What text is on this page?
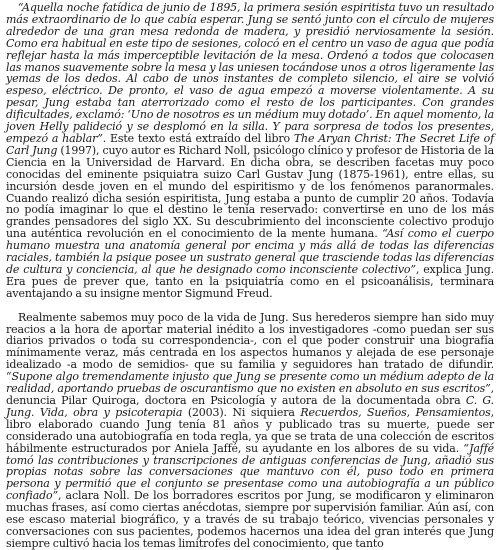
“Aquella noche fatídica de junio de 1895, la primera sesión espiritista tuvo un resultado más extraordinario de lo que cabía esperar. Jung se sentó junto con el círculo de mujeres alrededor de una gran mesa redonda de madera, y presidió nerviosamente la sesión. Como era habitual en este tipo de sesiones, colocó en el centro un vaso de agua que podía reflejar hasta la más imperceptible levitación de la mesa. Ordenó a todos que colocasen las manos suavemente sobre la mesa y las uniesen tocándose unos a otros ligeramente las yemas de los dedos. Al cabo de unos instantes de completo silencio, el aire se volvió espeso, eléctrico. De pronto, el vaso de agua empezó a moverse violentamente. A su pesar, Jung estaba tan aterrorizado como el resto de los participantes. Con grandes dificultades, exclamó: ‘Uno de nosotros es un médium muy dotado’. En aquel momento, la joven Helly palideció y se desplomó en la silla. Y para sorpresa de todos los presentes, empezó a hablar”. Este texto está extraído del libro The Aryan Christ: The Secret Life of Carl Jung (1997), cuyo autor es Richard Noll, psicólogo clínico y profesor de Historia de la Ciencia en la Universidad de Harvard. En dicha obra, se describen facetas muy poco conocidas del eminente psiquiatra suizo Carl Gustav Jung (1875-1961), entre ellas, su incursión desde joven en el mundo del espiritismo y de los fenómenos paranormales. Cuando realizó dicha sesión espiritista, Jung estaba a punto de cumplir 20 años. Todavía no podía imaginar lo que el destino le tenía reservado: convertirse en uno de los más grandes pensadores del siglo XX. Su descubrimiento del inconsciente colectivo produjo una auténtica revolución en el conocimiento de la mente humana. “Así como el cuerpo humano muestra una anatomía general por encima y más allá de todas las diferencias raciales, también la psique posee un sustrato general que trasciende todas las diferencias de cultura y conciencia, al que he designado como inconsciente colectivo”, explica Jung. Era pues de prever que, tanto en la psiquiatría como en el psicoanálisis, terminara aventajando a su insigne mentor Sigmund Freud.

Realmente sabemos muy poco de la vida de Jung. Sus herederos siempre han sido muy reacios a la hora de aportar material inédito a los investigadores -como puedan ser sus diarios privados o toda su correspondencia-, con el que poder construir una biografía mínimamente veraz, más centrada en los aspectos humanos y alejada de ese personaje idealizado -a modo de semidios- que su familia y seguidores han tratado de difundir. “Supone algo tremendamente injusto que Jung se presente como un médium adepto de la realidad, aportando pruebas de oscurantismo que no existen en absoluto en sus escritos”, denuncia Pilar Quiroga, doctora en Psicología y autora de la documentada obra C. G. Jung. Vida, obra y psicoterapia (2003). Ni siquiera Recuerdos, Sueños, Pensamientos, libro elaborado cuando Jung tenía 81 años y publicado tras su muerte, puede ser considerado una autobiografía en toda regla, ya que se trata de una colección de escritos hábilmente estructurados por Aniela Jaffé, su ayudante en los albores de su vida. “Jaffé tomó las contribuciones y transcripciones de antiguas conferencias de Jung, añadió sus propias notas sobre las conversaciones que mantuvo con él, puso todo en primera persona y permitió que el conjunto se presentase como una autobiografía a un público confiado”, aclara Noll. De los borradores escritos por Jung, se modificaron y eliminaron muchas frases, así como ciertas anécdotas, siempre por supervisión familiar. Aún así, con ese escaso material biográfico, y a través de su trabajo teórico, vivencias personales y conversaciones con sus pacientes, podemos hacernos una idea del gran interés que Jung siempre cultivó hacia los temas limítrofes del conocimiento, que tanto
